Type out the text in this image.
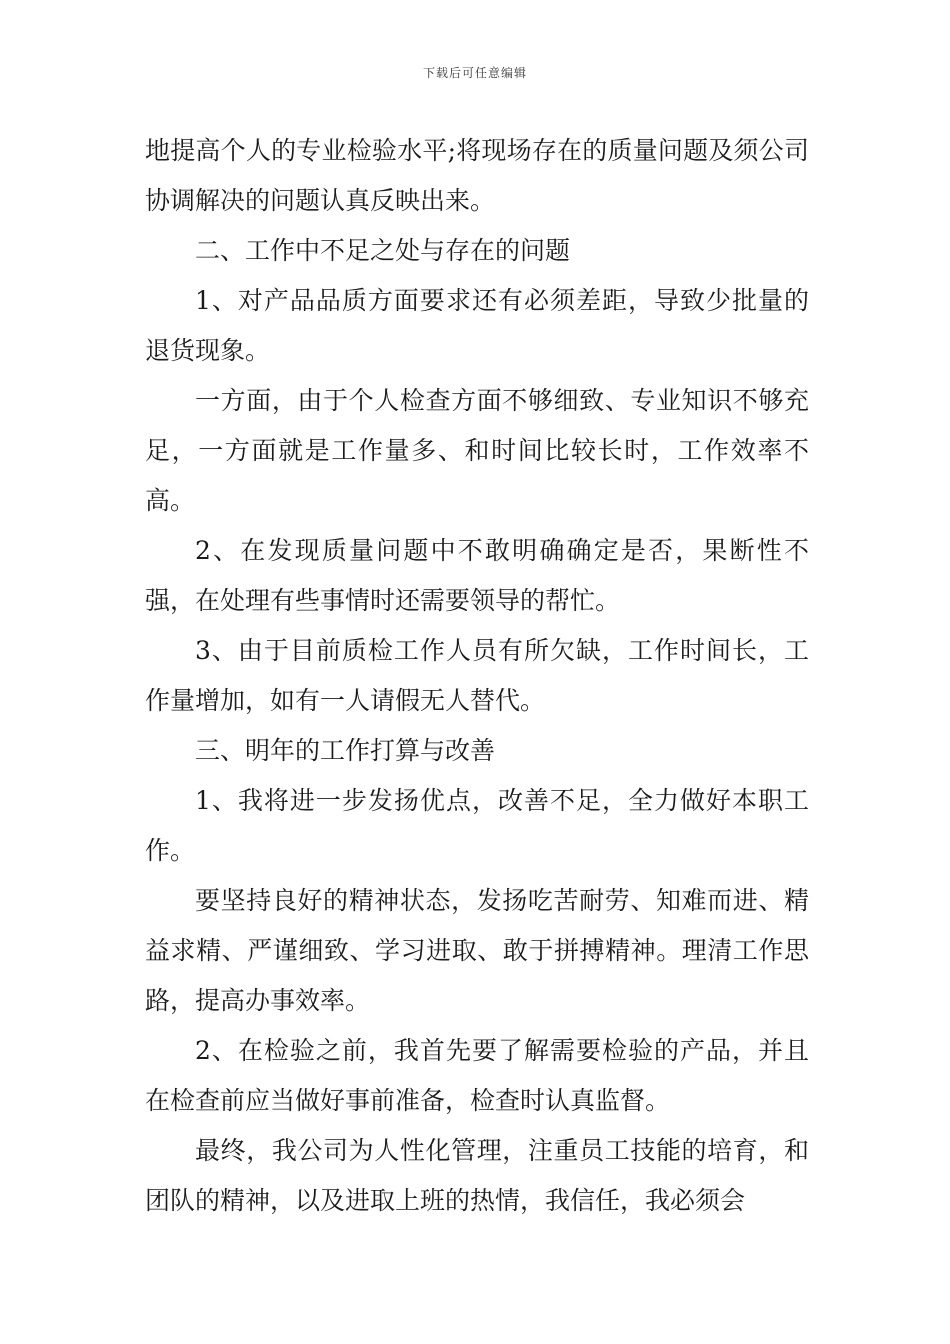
下载后可任意编辑

地提高个人的专业检验水平;将现场存在的质量问题及须公司协调解决的问题认真反映出来。

二、工作中不足之处与存在的问题

1、对产品品质方面要求还有必须差距，导致少批量的退货现象。

一方面，由于个人检查方面不够细致、专业知识不够充足，一方面就是工作量多、和时间比较长时，工作效率不高。

2、在发现质量问题中不敢明确确定是否，果断性不强，在处理有些事情时还需要领导的帮忙。

3、由于目前质检工作人员有所欠缺，工作时间长，工作量增加，如有一人请假无人替代。

三、明年的工作打算与改善

1、我将进一步发扬优点，改善不足，全力做好本职工作。

要坚持良好的精神状态，发扬吃苦耐劳、知难而进、精益求精、严谨细致、学习进取、敢于拼搏精神。理清工作思路，提高办事效率。

2、在检验之前，我首先要了解需要检验的产品，并且在检查前应当做好事前准备，检查时认真监督。

最终，我公司为人性化管理，注重员工技能的培育，和团队的精神，以及进取上班的热情，我信任，我必须会
